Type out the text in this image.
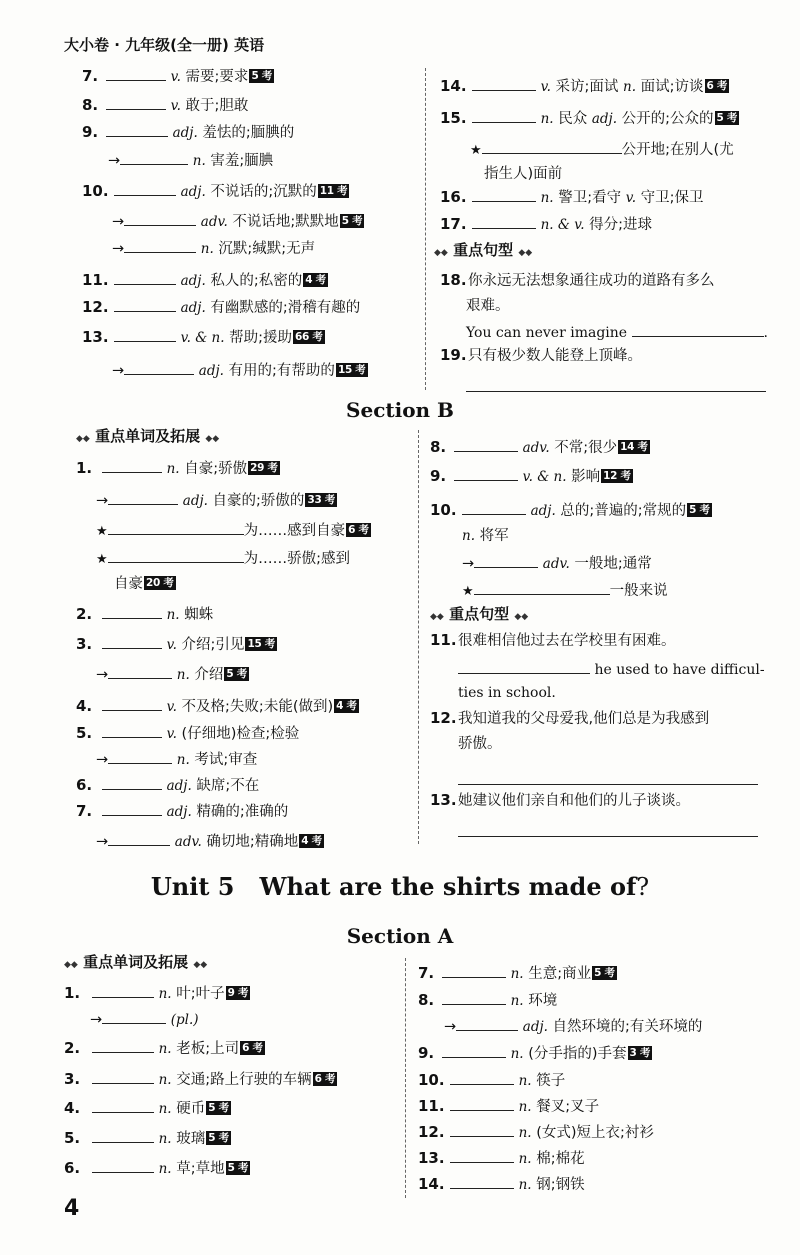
大小卷 · 九年级(全一册) 英语
7.	v. 需要;要求 5 考
8.	v. 敢于;胆敢
9.	adj. 羞怯的;腼腆的
→	n. 害羞;腼腆
10.	adj. 不说话的;沉默的 11 考
→	adv. 不说话地;默默地 5 考
→	n. 沉默;缄默;无声
11.	adj. 私人的;私密的 4 考
12.	adj. 有幽默感的;滑稽有趣的
13.	v. & n. 帮助;援助 66 考
→	adj. 有用的;有帮助的 15 考
14.	v. 采访;面试 n. 面试;访谈 6 考
15.	n. 民众 adj. 公开的;公众的 5 考
★	公开地;在别人(尤
指生人)面前
16.	n. 警卫;看守 v. 守卫;保卫
17.	n. & v. 得分;进球
◆◆ 重点句型 ◆◆
18.你永远无法想象通往成功的道路有多么
艰难。
You can never imagine	.
19.只有极少数人能登上顶峰。
Section B
◆◆ 重点单词及拓展 ◆◆
1.	n. 自豪;骄傲 29 考
→	adj. 自豪的;骄傲的 33 考
★	为……感到自豪 6 考
★	为……骄傲;感到
自豪 20 考
2.	n. 蜘蛛
3.	v. 介绍;引见 15 考
→	n. 介绍 5 考
4.	v. 不及格;失败;未能(做到) 4 考
5.	v. (仔细地)检查;检验
→	n. 考试;审查
6.	adj. 缺席;不在
7.	adj. 精确的;准确的
→	adv. 确切地;精确地 4 考
8.	adv. 不常;很少 14 考
9.	v. & n. 影响 12 考
10.	adj. 总的;普遍的;常规的 5 考
n. 将军
→	adv. 一般地;通常
★	一般来说
◆◆ 重点句型 ◆◆
11.很难相信他过去在学校里有困难。
he used to have difficul-
ties in school.
12.我知道我的父母爱我,他们总是为我感到
骄傲。
13.她建议他们亲自和他们的儿子谈谈。
Unit 5 What are the shirts made of?
Section A
◆◆ 重点单词及拓展 ◆◆
1.	n. 叶;叶子 9 考
→	(pl.)
2.	n. 老板;上司 6 考
3.	n. 交通;路上行驶的车辆 6 考
4.	n. 硬币 5 考
5.	n. 玻璃 5 考
6.	n. 草;草地 5 考
7.	n. 生意;商业 5 考
8.	n. 环境
→	adj. 自然环境的;有关环境的
9.	n. (分手指的)手套 3 考
10.	n. 筷子
11.	n. 餐叉;叉子
12.	n. (女式)短上衣;衬衫
13.	n. 棉;棉花
14.	n. 钢;钢铁
4
